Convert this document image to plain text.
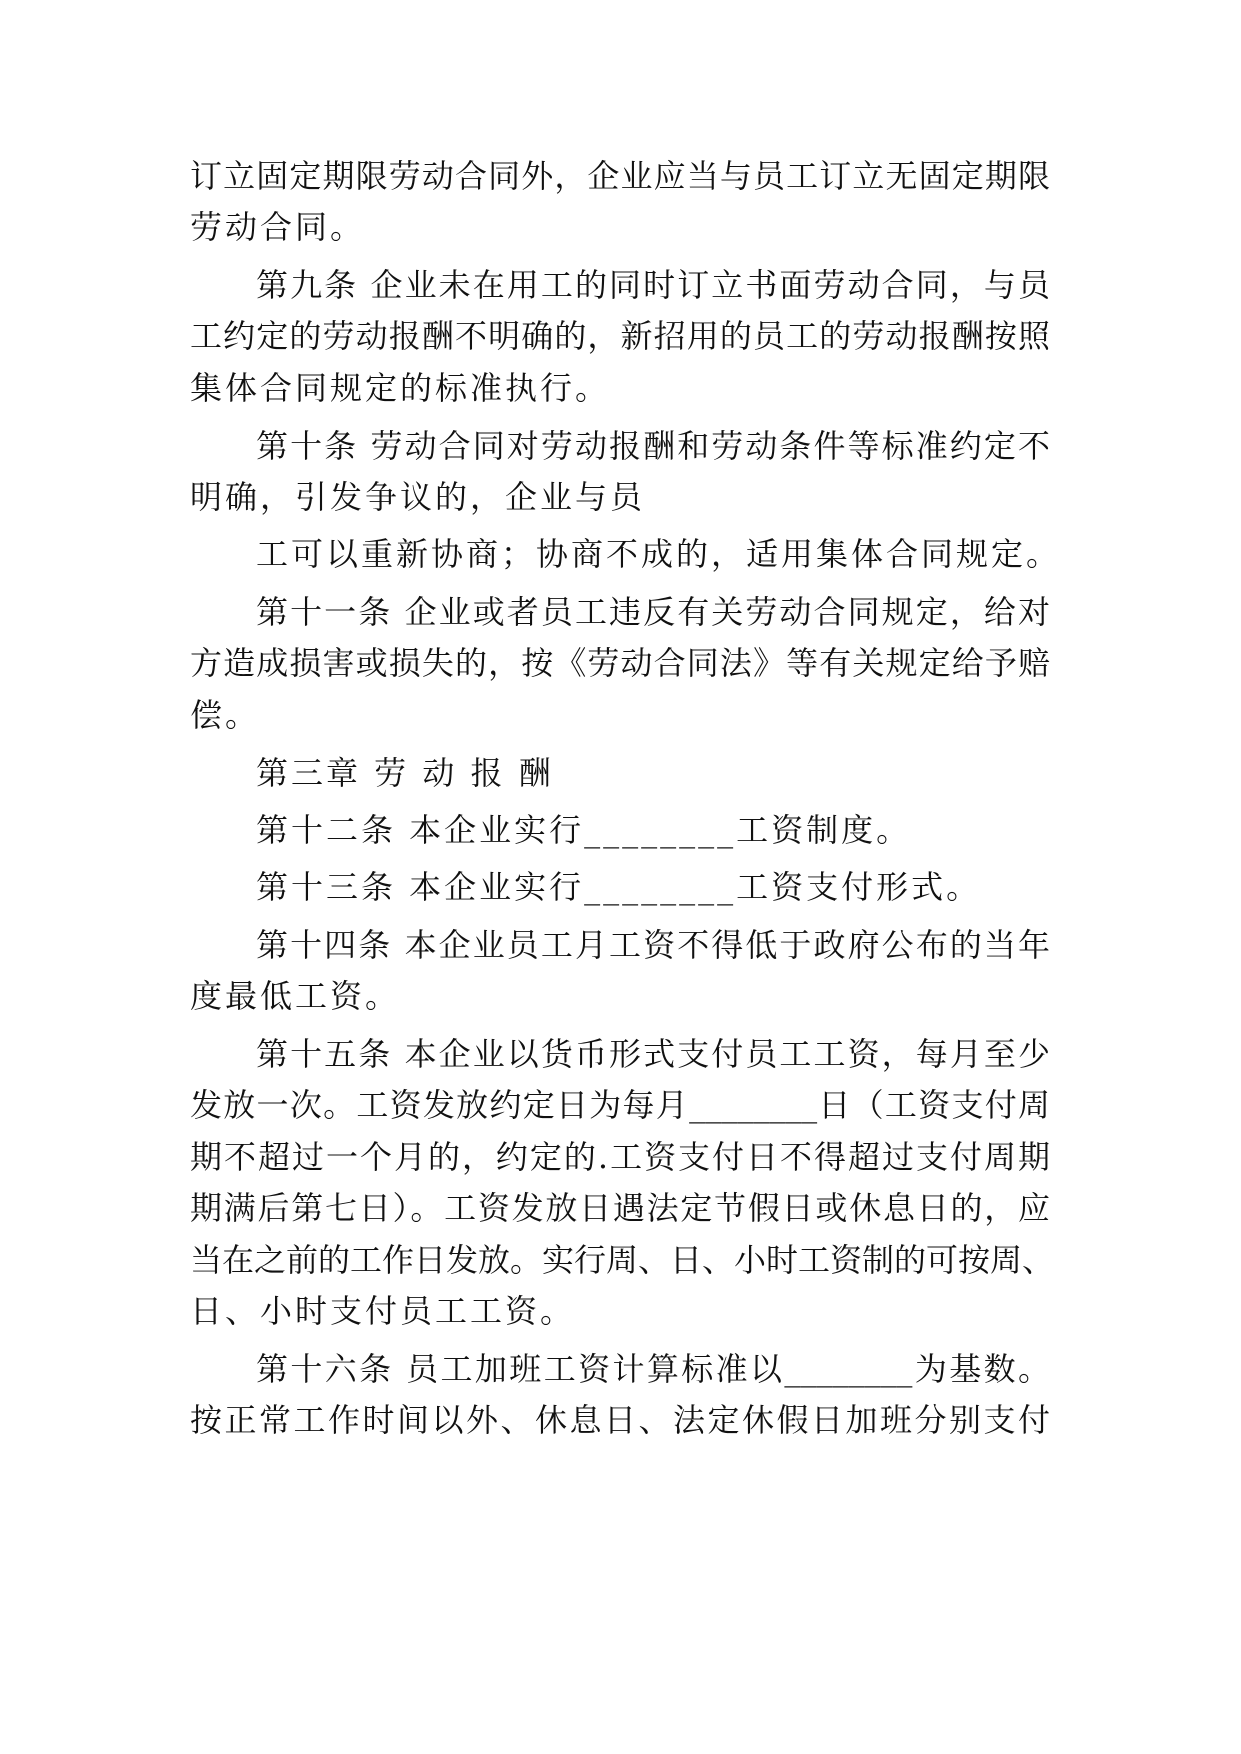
订立固定期限劳动合同外，企业应当与员工订立无固定期限
劳动合同。
第九条 企业未在用工的同时订立书面劳动合同，与员
工约定的劳动报酬不明确的，新招用的员工的劳动报酬按照
集体合同规定的标准执行。
第十条 劳动合同对劳动报酬和劳动条件等标准约定不
明确，引发争议的，企业与员
工可以重新协商；协商不成的，适用集体合同规定。
第十一条 企业或者员工违反有关劳动合同规定，给对
方造成损害或损失的，按《劳动合同法》等有关规定给予赔
偿。
第三章 劳 动 报 酬
第十二条 本企业实行________工资制度。
第十三条 本企业实行________工资支付形式。
第十四条 本企业员工月工资不得低于政府公布的当年
度最低工资。
第十五条 本企业以货币形式支付员工工资，每月至少
发放一次。工资发放约定日为每月________日（工资支付周
期不超过一个月的，约定的.工资支付日不得超过支付周期
期满后第七日）。工资发放日遇法定节假日或休息日的，应
当在之前的工作日发放。实行周、日、小时工资制的可按周、
日、小时支付员工工资。
第十六条 员工加班工资计算标准以________为基数。
按正常工作时间以外、休息日、法定休假日加班分别支付
